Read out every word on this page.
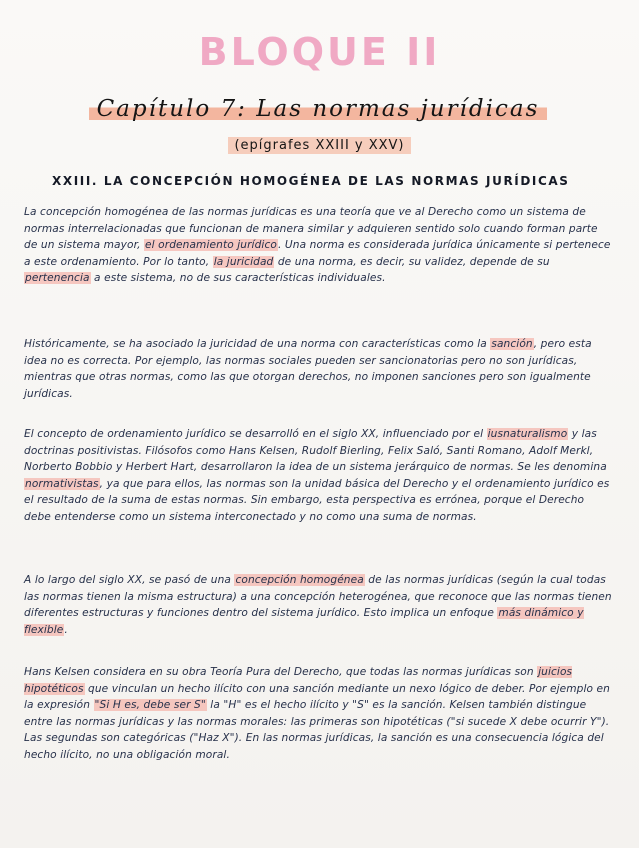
BLOQUE II
Capítulo 7: Las normas jurídicas
(epígrafes XXIII y XXV)
XXIII. LA CONCEPCIÓN HOMOGÉNEA DE LAS NORMAS JURÍDICAS

La concepción homogénea de las normas jurídicas es una teoría que ve al Derecho como un sistema de normas interrelacionadas que funcionan de manera similar y adquieren sentido solo cuando forman parte de un sistema mayor, el ordenamiento jurídico. Una norma es considerada jurídica únicamente si pertenece a este ordenamiento. Por lo tanto, la juricidad de una norma, es decir, su validez, depende de su pertenencia a este sistema, no de sus características individuales.

Históricamente, se ha asociado la juricidad de una norma con características como la sanción, pero esta idea no es correcta. Por ejemplo, las normas sociales pueden ser sancionatorias pero no son jurídicas, mientras que otras normas, como las que otorgan derechos, no imponen sanciones pero son igualmente jurídicas.

El concepto de ordenamiento jurídico se desarrolló en el siglo XX, influenciado por el iusnaturalismo y las doctrinas positivistas. Filósofos como Hans Kelsen, Rudolf Bierling, Felix Saló, Santi Romano, Adolf Merkl, Norberto Bobbio y Herbert Hart, desarrollaron la idea de un sistema jerárquico de normas. Se les denomina normativistas, ya que para ellos, las normas son la unidad básica del Derecho y el ordenamiento jurídico es el resultado de la suma de estas normas. Sin embargo, esta perspectiva es errónea, porque el Derecho debe entenderse como un sistema interconectado y no como una suma de normas.

A lo largo del siglo XX, se pasó de una concepción homogénea de las normas jurídicas (según la cual todas las normas tienen la misma estructura) a una concepción heterogénea, que reconoce que las normas tienen diferentes estructuras y funciones dentro del sistema jurídico. Esto implica un enfoque más dinámico y flexible.

Hans Kelsen considera en su obra Teoría Pura del Derecho, que todas las normas jurídicas son juicios hipotéticos que vinculan un hecho ilícito con una sanción mediante un nexo lógico de deber. Por ejemplo en la expresión "Si H es, debe ser S" la "H" es el hecho ilícito y "S" es la sanción. Kelsen también distingue entre las normas jurídicas y las normas morales: las primeras son hipotéticas ("si sucede X debe ocurrir Y"). Las segundas son categóricas ("Haz X"). En las normas jurídicas, la sanción es una consecuencia lógica del hecho ilícito, no una obligación moral.
